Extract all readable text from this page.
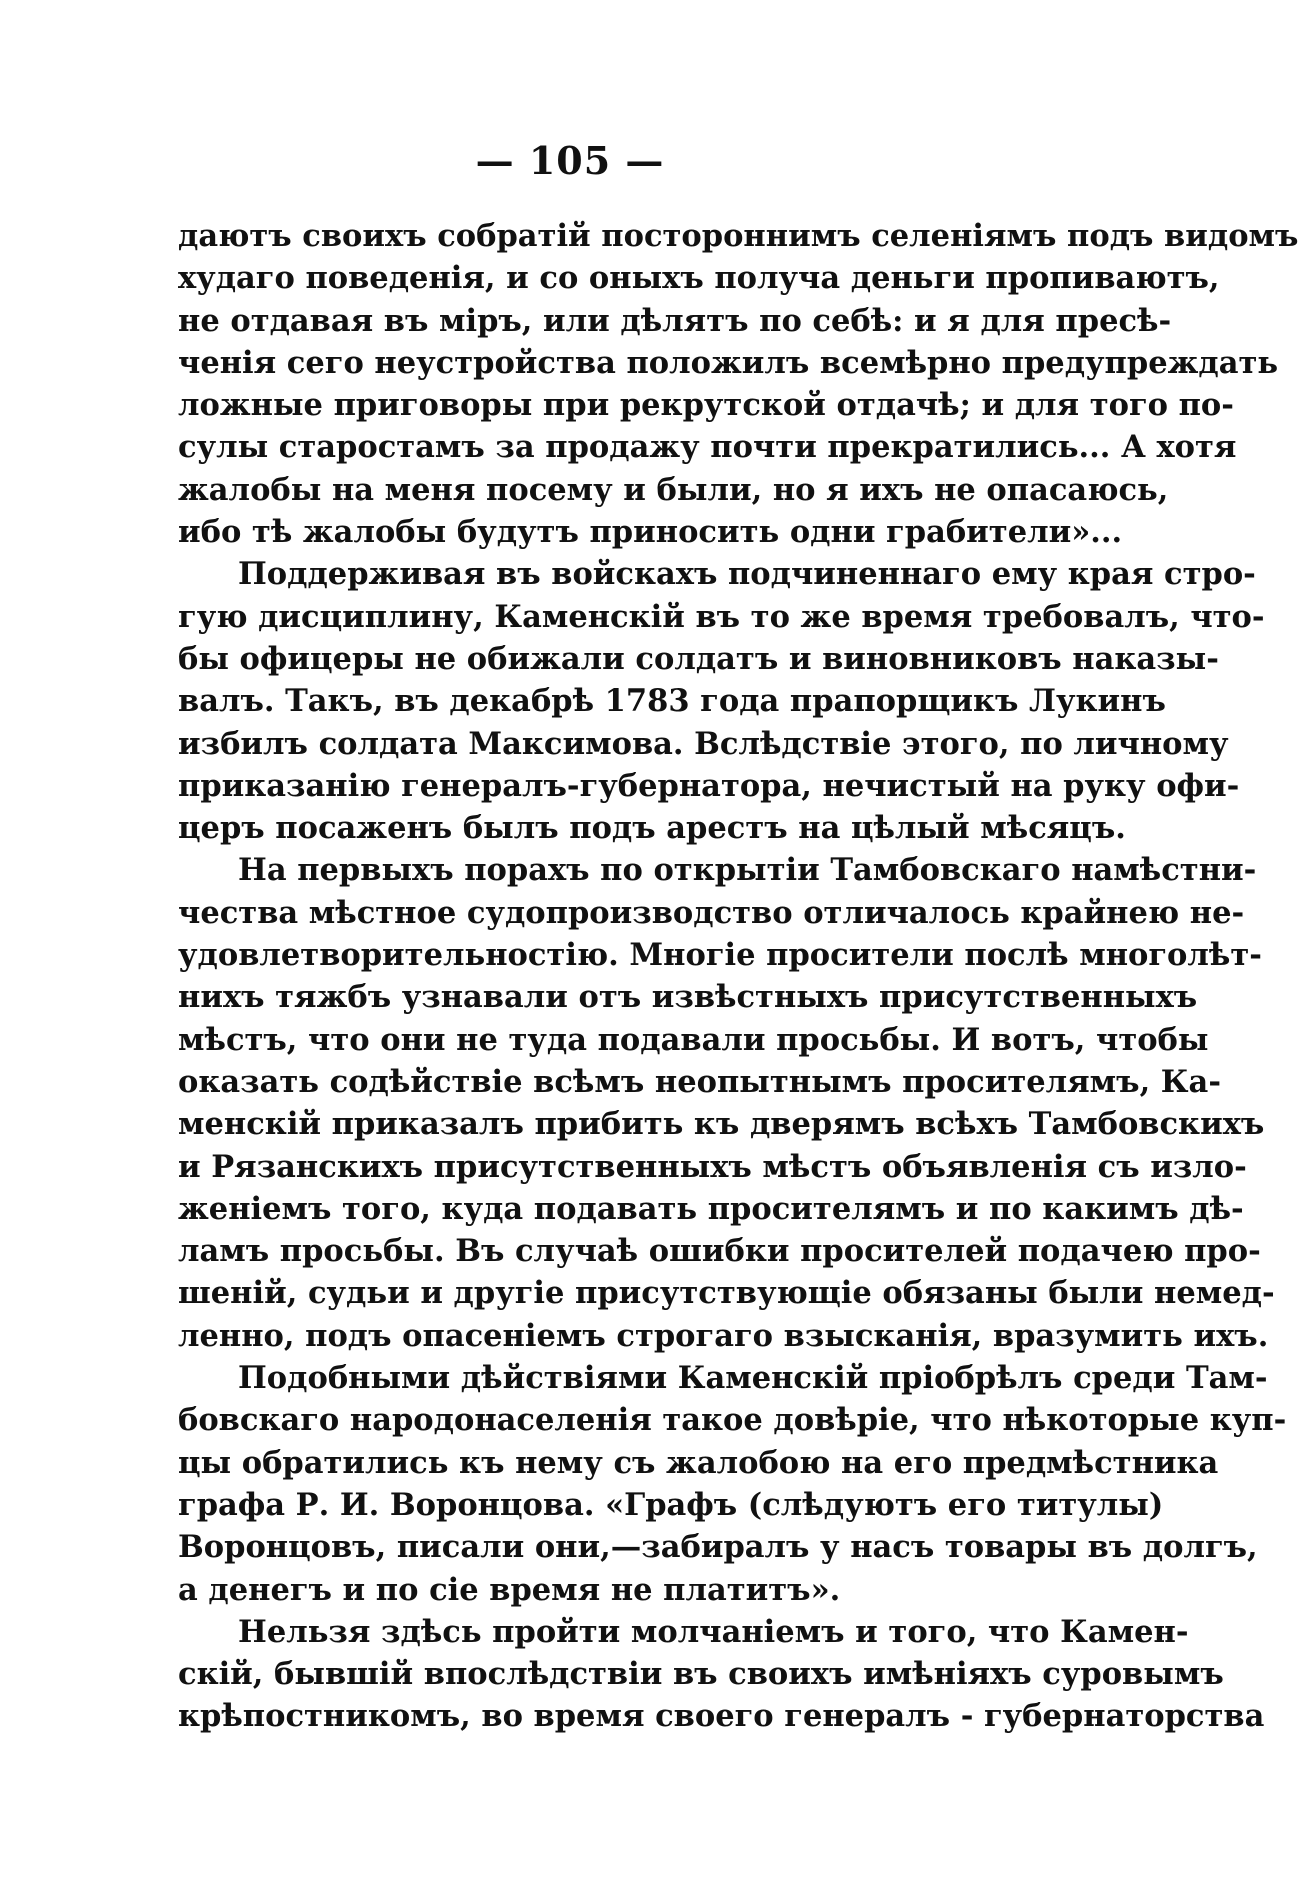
— 105 —
даютъ своихъ собратій постороннимъ селеніямъ подъ видомъ
худаго поведенія, и со оныхъ получа деньги пропиваютъ,
не отдавая въ міръ, или дѣлятъ по себѣ: и я для пресѣ-
ченія сего неустройства положилъ всемѣрно предупреждать
ложные приговоры при рекрутской отдачѣ; и для того по-
сулы старостамъ за продажу почти прекратились... А хотя
жалобы на меня посему и были, но я ихъ не опасаюсь,
ибо тѣ жалобы будутъ приносить одни грабители»...
Поддерживая въ войскахъ подчиненнаго ему края стро-
гую дисциплину, Каменскій въ то же время требовалъ, что-
бы офицеры не обижали солдатъ и виновниковъ наказы-
валъ. Такъ, въ декабрѣ 1783 года прапорщикъ Лукинъ
избилъ солдата Максимова. Вслѣдствіе этого, по личному
приказанію генералъ-губернатора, нечистый на руку офи-
церъ посаженъ былъ подъ арестъ на цѣлый мѣсяцъ.
На первыхъ порахъ по открытіи Тамбовскаго намѣстни-
чества мѣстное судопроизводство отличалось крайнею не-
удовлетворительностію. Многіе просители послѣ многолѣт-
нихъ тяжбъ узнавали отъ извѣстныхъ присутственныхъ
мѣстъ, что они не туда подавали просьбы. И вотъ, чтобы
оказать содѣйствіе всѣмъ неопытнымъ просителямъ, Ка-
менскій приказалъ прибить къ дверямъ всѣхъ Тамбовскихъ
и Рязанскихъ присутственныхъ мѣстъ объявленія съ изло-
женіемъ того, куда подавать просителямъ и по какимъ дѣ-
ламъ просьбы. Въ случаѣ ошибки просителей подачею про-
шеній, судьи и другіе присутствующіе обязаны были немед-
ленно, подъ опасеніемъ строгаго взысканія, вразумить ихъ.
Подобными дѣйствіями Каменскій пріобрѣлъ среди Там-
бовскаго народонаселенія такое довѣріе, что нѣкоторые куп-
цы обратились къ нему съ жалобою на его предмѣстника
графа Р. И. Воронцова. «Графъ (слѣдуютъ его титулы)
Воронцовъ, писали они,—забиралъ у насъ товары въ долгъ,
а денегъ и по сіе время не платитъ».
Нельзя здѣсь пройти молчаніемъ и того, что Камен-
скій, бывшій впослѣдствіи въ своихъ имѣніяхъ суровымъ
крѣпостникомъ, во время своего генералъ - губернаторства
